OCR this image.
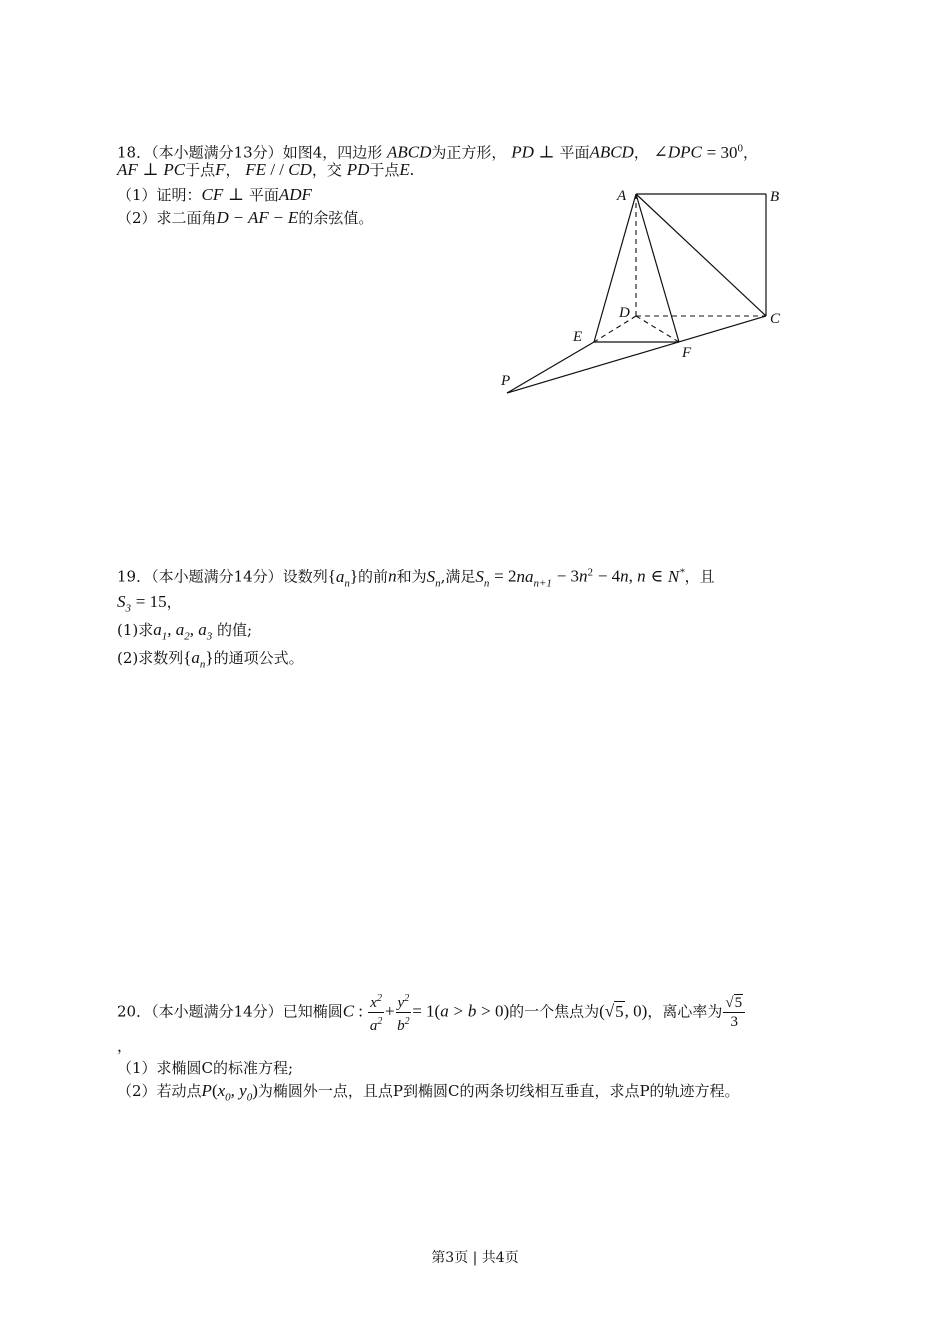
18．（本小题满分13分）如图4，四边形 ABCD为正方形， PD ⊥ 平面ABCD， ∠DPC = $30^0$，
AF ⊥ PC于点F， FE / / CD，交 PD于点E.
（1）证明：CF ⊥ 平面ADF
（2）求二面角D − AF − E的余弦值。
A	B
C
D
E
F
P
19．（本小题满分14分）设数列$\{a_n\}$的前n和为$S_n$,满足$S_n = 2na_{n+1} - 3n^2 - 4n$, n ∈ N*，且
$S_3 = 15$，
(1)求$a_1$, $a_2$, $a_3$ 的值;
(2)求数列$\{a_n\}$的通项公式。
20．（本小题满分14分）已知椭圆C : $\frac{x^2}{a^2} + \frac{y^2}{b^2} = 1(a > b > 0)$的一个焦点为(√5, 0)，离心率为 $\frac{√5}{3}$
，
（1）求椭圆C的标准方程;
（2）若动点$P(x_0$, $y_0$)为椭圆外一点，且点P到椭圆C的两条切线相互垂直，求点P的轨迹方程。
第3页 | 共4页
